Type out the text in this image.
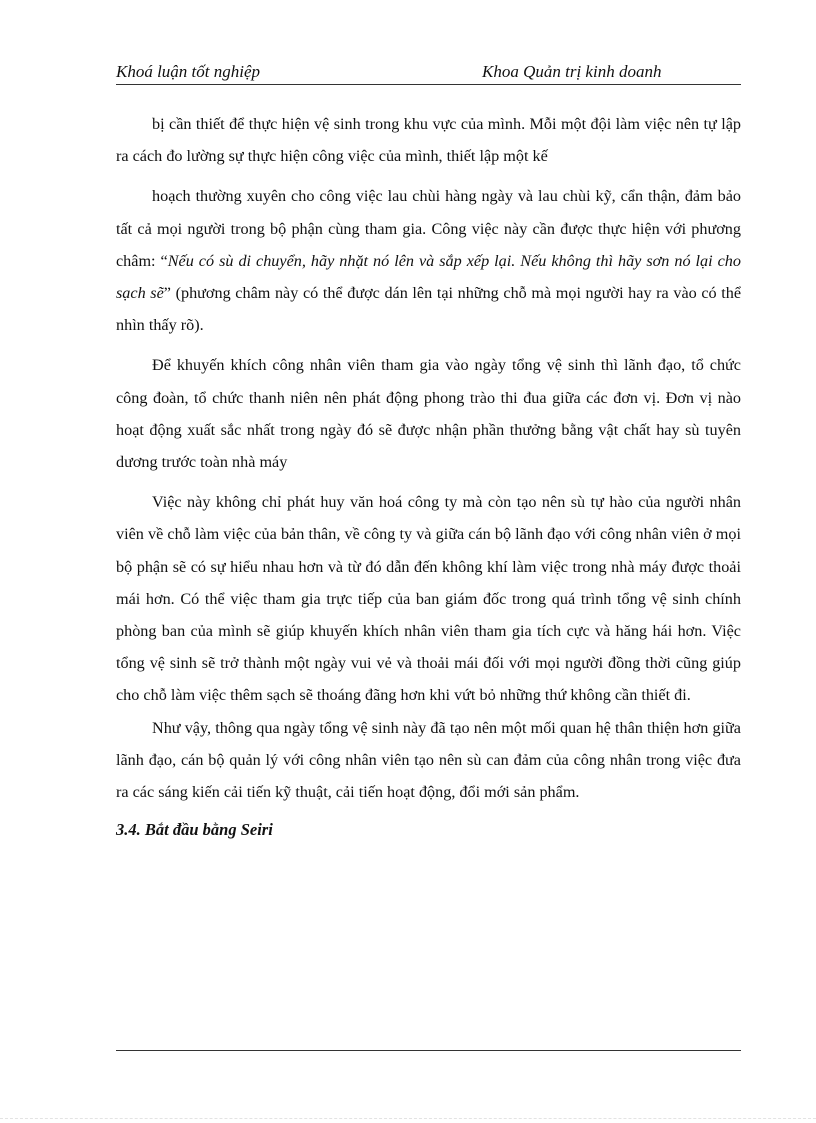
Khoá luận tốt nghiệp	Khoa Quản trị kinh doanh

bị cần thiết để thực hiện vệ sinh trong khu vực của mình. Mỗi một đội làm việc nên tự lập ra cách đo lường sự thực hiện công việc của mình, thiết lập một kế

hoạch thường xuyên cho công việc lau chùi hàng ngày và lau chùi kỹ, cẩn thận, đảm bảo tất cả mọi người trong bộ phận cùng tham gia. Công việc này cần được thực hiện với phương châm: “Nếu có sù di chuyển, hãy nhặt nó lên và sắp xếp lại. Nếu không thì hãy sơn nó lại cho sạch sẽ” (phương châm này có thể được dán lên tại những chỗ mà mọi người hay ra vào có thể nhìn thấy rõ).

Để khuyến khích công nhân viên tham gia vào ngày tổng vệ sinh thì lãnh đạo, tổ chức công đoàn, tổ chức thanh niên nên phát động phong trào thi đua giữa các đơn vị. Đơn vị nào hoạt động xuất sắc nhất trong ngày đó sẽ được nhận phần thưởng bằng vật chất hay sù tuyên dương trước toàn nhà máy

Việc này không chỉ phát huy văn hoá công ty mà còn tạo nên sù tự hào của người nhân viên về chỗ làm việc của bản thân, về công ty và giữa cán bộ lãnh đạo với công nhân viên ở mọi bộ phận sẽ có sự hiểu nhau hơn và từ đó dẫn đến không khí làm việc trong nhà máy được thoải mái hơn. Có thể việc tham gia trực tiếp của ban giám đốc trong quá trình tổng vệ sinh chính phòng ban của mình sẽ giúp khuyến khích nhân viên tham gia tích cực và hăng hái hơn. Việc tổng vệ sinh sẽ trở thành một ngày vui vẻ và thoải mái đối với mọi người đồng thời cũng giúp cho chỗ làm việc thêm sạch sẽ thoáng đãng hơn khi vứt bỏ những thứ không cần thiết đi.

Như vậy, thông qua ngày tổng vệ sinh này đã tạo nên một mối quan hệ thân thiện hơn giữa lãnh đạo, cán bộ quản lý với công nhân viên tạo nên sù can đảm của công nhân trong việc đưa ra các sáng kiến cải tiến kỹ thuật, cải tiến hoạt động, đổi mới sản phẩm.

3.4. Bắt đầu bằng Seiri
